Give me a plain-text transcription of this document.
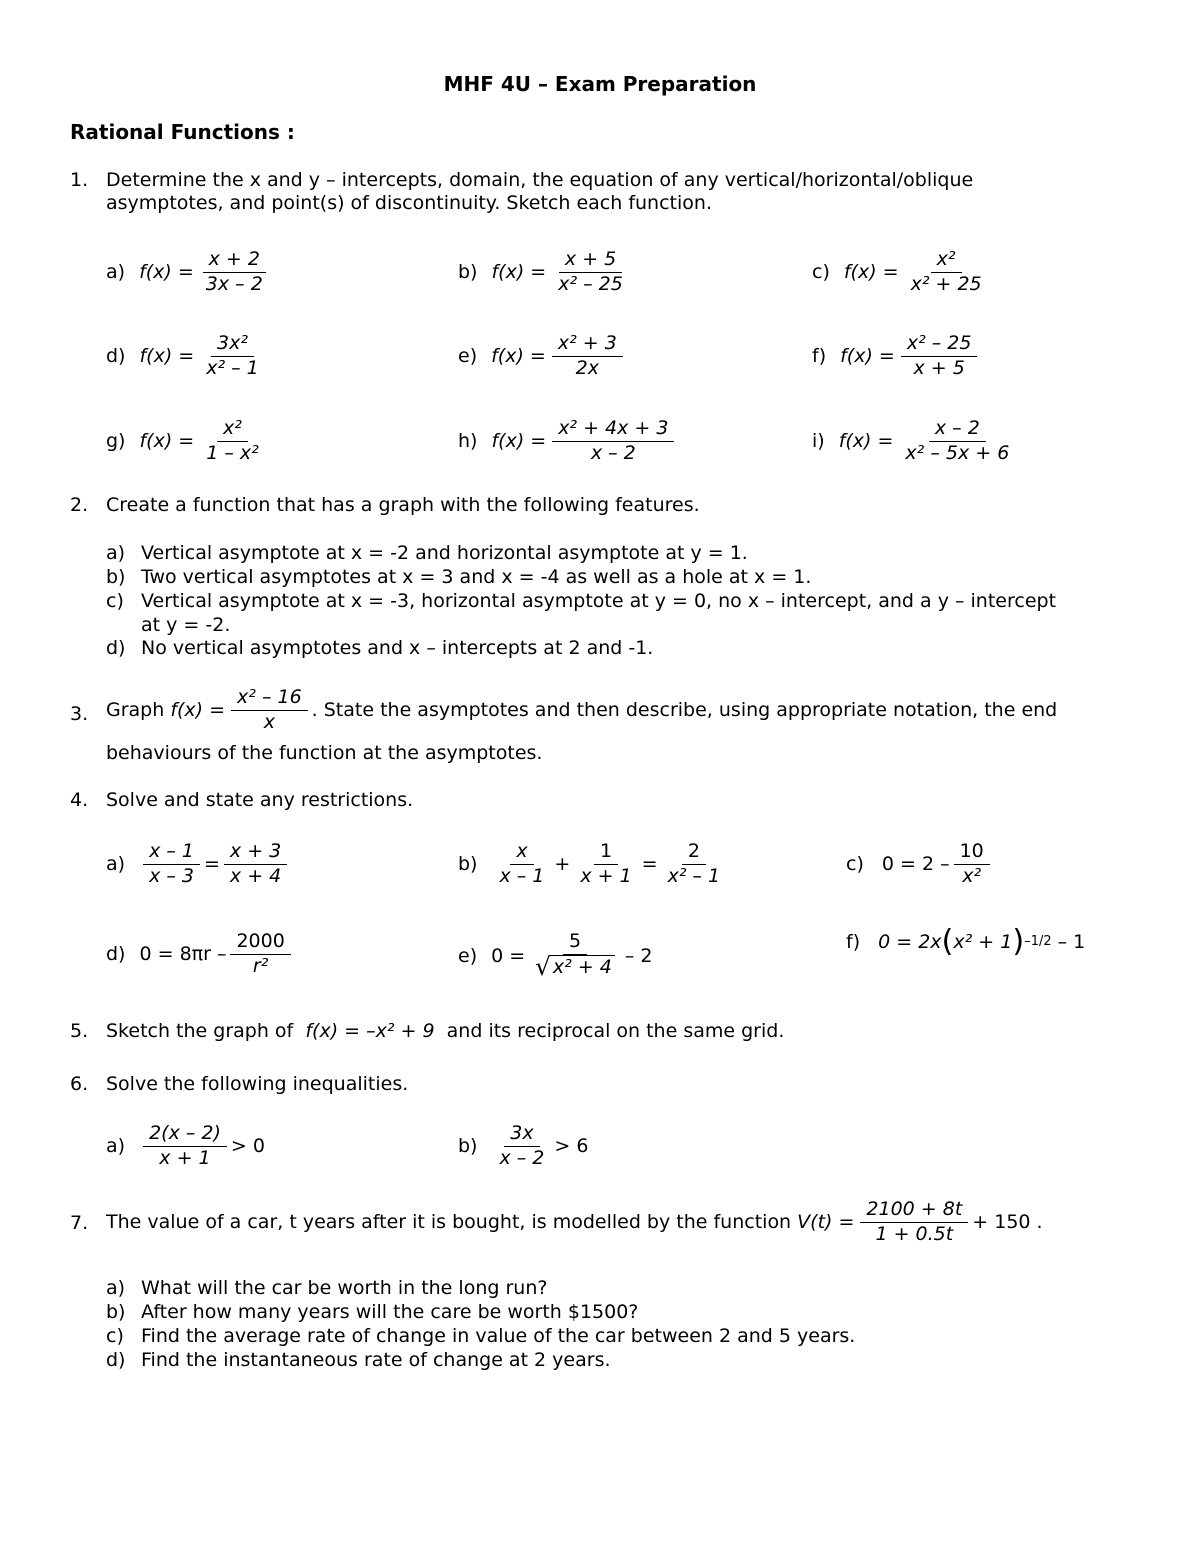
MHF 4U – Exam Preparation
Rational Functions :
1. Determine the x and y – intercepts, domain, the equation of any vertical/horizontal/oblique
asymptotes, and point(s) of discontinuity. Sketch each function.
a) $f(x) = \frac{x + 2}{3x - 2}$	b) $f(x) = \frac{x + 5}{\text{x² – 25}}$	c) $f(x) = \frac{\text{x²}}{\text{x² + 25}}$
d) $f(x) = \frac{\text{3x²}}{\text{x² – 1}}$	e) $f(x) = \frac{\text{x² + 3}}{2x}$	f) $f(x) = \frac{\text{x² – 25}}{x + 5}$
g) $f(x) = \frac{\text{x²}}{\text{1 – x²}}$	h) $f(x) = \frac{\text{x² + 4x + 3}}{x - 2}$	i) $f(x) = \frac{x - 2}{\text{x² – 5x + 6}}$
2. Create a function that has a graph with the following features.
a) Vertical asymptote at x = -2 and horizontal asymptote at y = 1.
b) Two vertical asymptotes at x = 3 and x = -4 as well as a hole at x = 1.
c) Vertical asymptote at x = -3, horizontal asymptote at y = 0, no x – intercept, and a y – intercept
at y = -2.
d) No vertical asymptotes and x – intercepts at 2 and -1.
3. Graph
$f(x) = \frac{\text{x² – 16}}{x}$ . State the asymptotes and then describe, using appropriate notation, the end
behaviours of the function at the asymptotes.
4. Solve and state any restrictions.
$a) \frac{x - 1}{x - 3} = \frac{x + 3}{x + 4}$	$b) \frac{x}{x - 1} + \frac{1}{x + 1} = \frac{2}{\text{x² – 1}}$	c) $0 = 2 - \frac{10}{\text{x²}}$
d) $0 = 8\pi r - \frac{2000}{\text{r²}}$	e) $0 = \frac{5}{\text{√ x² + 4}} - 2$
f) 0 = 2x ( x² + 1 ) –1/2 – 1
5. Sketch the graph of f(x) = –x² + 9 and its reciprocal on the same grid.
6. Solve the following inequalities.
$a) \frac{2(x - 2)}{x + 1} > 0$	$b) \frac{3x}{x - 2} > 6$
7. The value of a car, t years after it is bought, is modelled by the function
$V(t) = \frac{2100 + 8t}{1 + 0.5t} + 150$ .
a) What will the car be worth in the long run?
b) After how many years will the care be worth $1500?
c) Find the average rate of change in value of the car between 2 and 5 years.
d) Find the instantaneous rate of change at 2 years.
